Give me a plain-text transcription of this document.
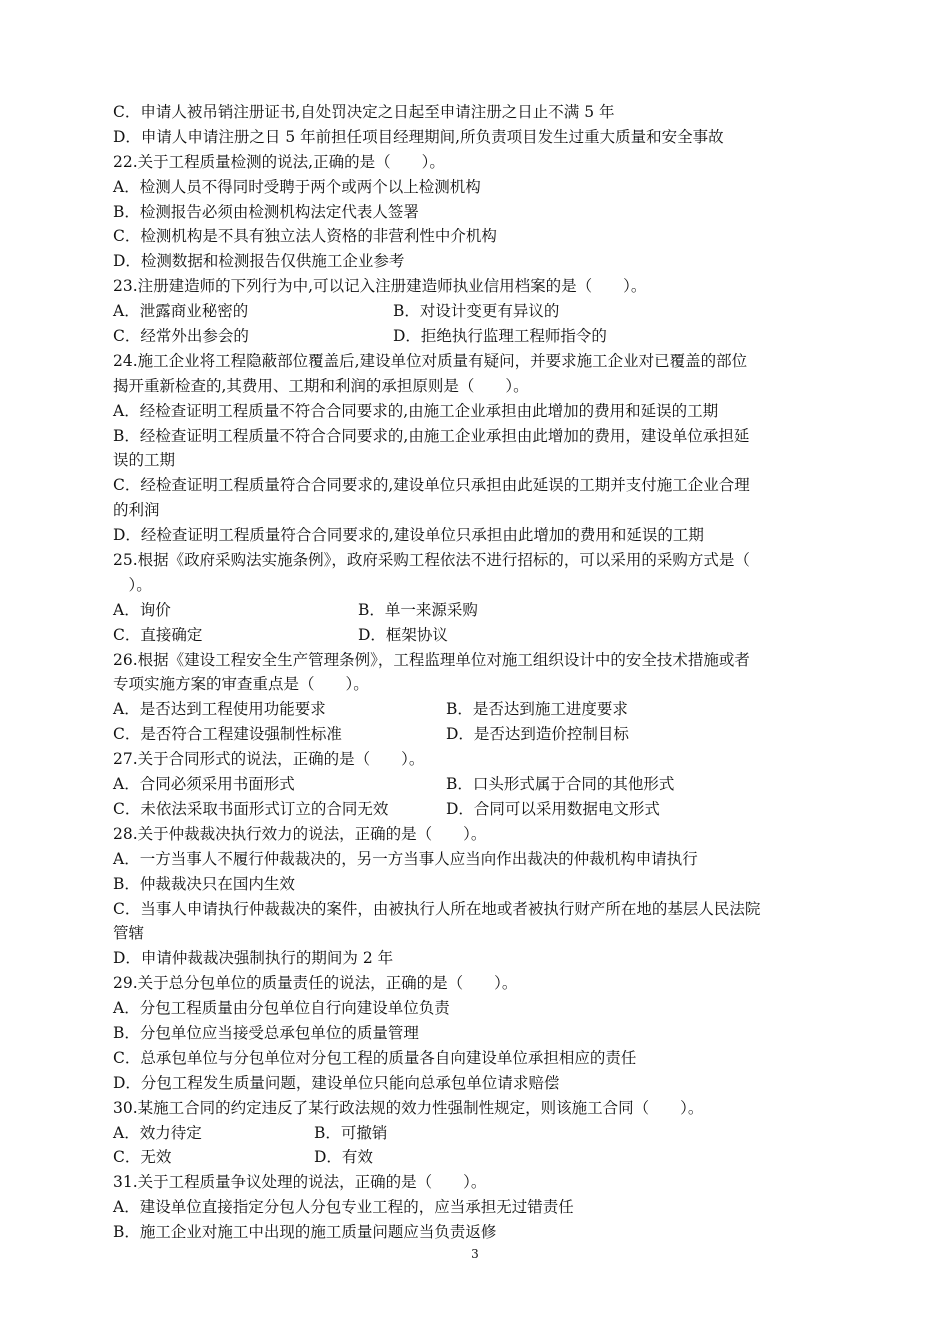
C．申请人被吊销注册证书,自处罚决定之日起至申请注册之日止不满 5 年
D．申请人申请注册之日 5 年前担任项目经理期间,所负责项目发生过重大质量和安全事故
22.关于工程质量检测的说法,正确的是（　　）。
A．检测人员不得同时受聘于两个或两个以上检测机构
B．检测报告必须由检测机构法定代表人签署
C．检测机构是不具有独立法人资格的非营利性中介机构
D．检测数据和检测报告仅供施工企业参考
23.注册建造师的下列行为中,可以记入注册建造师执业信用档案的是（　　）。
A．泄露商业秘密的	B．对设计变更有异议的
C．经常外出参会的	D．拒绝执行监理工程师指令的
24.施工企业将工程隐蔽部位覆盖后,建设单位对质量有疑问，并要求施工企业对已覆盖的部位
揭开重新检查的,其费用、工期和利润的承担原则是（　　）。
A．经检查证明工程质量不符合合同要求的,由施工企业承担由此增加的费用和延误的工期
B．经检查证明工程质量不符合合同要求的,由施工企业承担由此增加的费用，建设单位承担延
误的工期
C．经检查证明工程质量符合合同要求的,建设单位只承担由此延误的工期并支付施工企业合理
的利润
D．经检查证明工程质量符合合同要求的,建设单位只承担由此增加的费用和延误的工期
25.根据《政府采购法实施条例》，政府采购工程依法不进行招标的，可以采用的采购方式是（
　）。
A．询价	B．单一来源采购
C．直接确定	D．框架协议
26.根据《建设工程安全生产管理条例》，工程监理单位对施工组织设计中的安全技术措施或者
专项实施方案的审查重点是（　　）。
A．是否达到工程使用功能要求	B．是否达到施工进度要求
C．是否符合工程建设强制性标准	D．是否达到造价控制目标
27.关于合同形式的说法，正确的是（　　）。
A．合同必须采用书面形式	B．口头形式属于合同的其他形式
C．未依法采取书面形式订立的合同无效	D．合同可以采用数据电文形式
28.关于仲裁裁决执行效力的说法，正确的是（　　）。
A．一方当事人不履行仲裁裁决的，另一方当事人应当向作出裁决的仲裁机构申请执行
B．仲裁裁决只在国内生效
C．当事人申请执行仲裁裁决的案件，由被执行人所在地或者被执行财产所在地的基层人民法院
管辖
D．申请仲裁裁决强制执行的期间为 2 年
29.关于总分包单位的质量责任的说法，正确的是（　　）。
A．分包工程质量由分包单位自行向建设单位负责
B．分包单位应当接受总承包单位的质量管理
C．总承包单位与分包单位对分包工程的质量各自向建设单位承担相应的责任
D．分包工程发生质量问题，建设单位只能向总承包单位请求赔偿
30.某施工合同的约定违反了某行政法规的效力性强制性规定，则该施工合同（　　）。
A．效力待定	B．可撤销
C．无效	D．有效
31.关于工程质量争议处理的说法，正确的是（　　）。
A．建设单位直接指定分包人分包专业工程的，应当承担无过错责任
B．施工企业对施工中出现的施工质量问题应当负责返修
3
